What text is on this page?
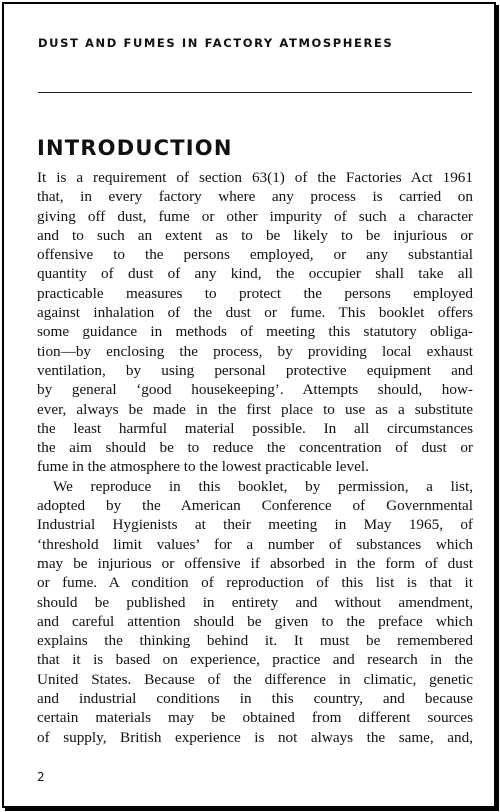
DUST AND FUMES IN FACTORY ATMOSPHERES
INTRODUCTION
It is a requirement of section 63(1) of the Factories Act 1961
that, in every factory where any process is carried on
giving off dust, fume or other impurity of such a character
and to such an extent as to be likely to be injurious or
offensive to the persons employed, or any substantial
quantity of dust of any kind, the occupier shall take all
practicable measures to protect the persons employed
against inhalation of the dust or fume. This booklet offers
some guidance in methods of meeting this statutory obliga-
tion—by enclosing the process, by providing local exhaust
ventilation, by using personal protective equipment and
by general ‘good housekeeping’. Attempts should, how-
ever, always be made in the first place to use as a substitute
the least harmful material possible. In all circumstances
the aim should be to reduce the concentration of dust or
fume in the atmosphere to the lowest practicable level.
We reproduce in this booklet, by permission, a list,
adopted by the American Conference of Governmental
Industrial Hygienists at their meeting in May 1965, of
‘threshold limit values’ for a number of substances which
may be injurious or offensive if absorbed in the form of dust
or fume. A condition of reproduction of this list is that it
should be published in entirety and without amendment,
and careful attention should be given to the preface which
explains the thinking behind it. It must be remembered
that it is based on experience, practice and research in the
United States. Because of the difference in climatic, genetic
and industrial conditions in this country, and because
certain materials may be obtained from different sources
of supply, British experience is not always the same, and,
2
